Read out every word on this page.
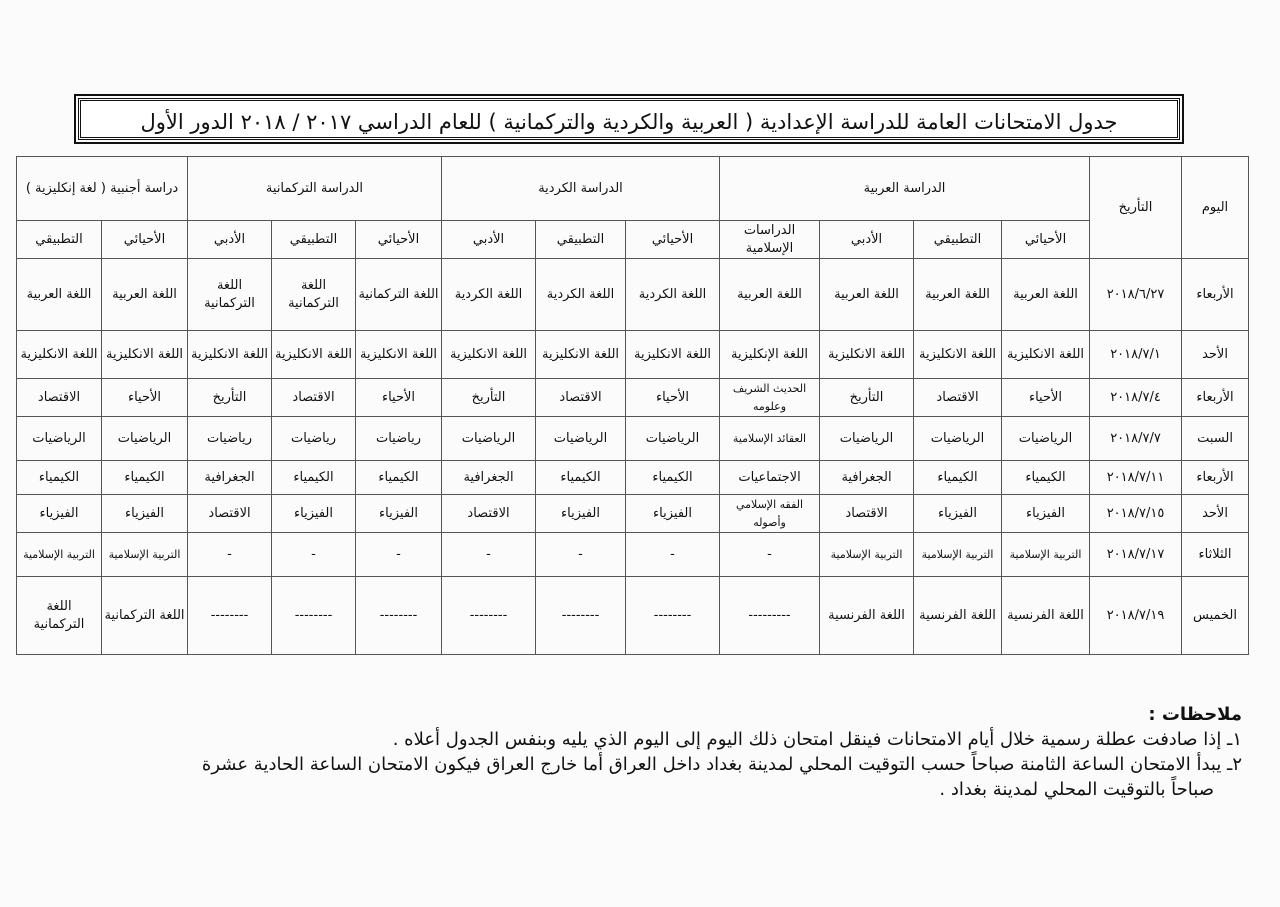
جدول الامتحانات العامة للدراسة الإعدادية ( العربية والكردية والتركمانية ) للعام الدراسي ٢٠١٧ / ٢٠١٨ الدور الأول
اليوم	التأريخ	الدراسة العربية				الدراسة الكردية			الدراسة التركمانية			دراسة أجنبية ( لغة إنكليزية )	
		الأحيائي	التطبيقي	الأدبي	الدراسات الإسلامية	الأحيائي	التطبيقي	الأدبي	الأحيائي	التطبيقي	الأدبي	الأحيائي	التطبيقي
الأربعاء	٢٠١٨/٦/٢٧	اللغة العربية	اللغة العربية	اللغة العربية	اللغة العربية	اللغة الكردية	اللغة الكردية	اللغة الكردية	اللغة التركمانية	اللغة التركمانية	اللغة التركمانية	اللغة العربية	اللغة العربية
الأحد	٢٠١٨/٧/١	اللغة الانكليزية	اللغة الانكليزية	اللغة الانكليزية	اللغة الإنكليزية	اللغة الانكليزية	اللغة الانكليزية	اللغة الانكليزية	اللغة الانكليزية	اللغة الانكليزية	اللغة الانكليزية	اللغة الانكليزية	اللغة الانكليزية
الأربعاء	٢٠١٨/٧/٤	الأحياء	الاقتصاد	التأريخ	الحديث الشريف وعلومه	الأحياء	الاقتصاد	التأريخ	الأحياء	الاقتصاد	التأريخ	الأحياء	الاقتصاد
السبت	٢٠١٨/٧/٧	الرياضيات	الرياضيات	الرياضيات	العقائد الإسلامية	الرياضيات	الرياضيات	الرياضيات	رياضيات	رياضيات	رياضيات	الرياضيات	الرياضيات
الأربعاء	٢٠١٨/٧/١١	الكيمياء	الكيمياء	الجغرافية	الاجتماعيات	الكيمياء	الكيمياء	الجغرافية	الكيمياء	الكيمياء	الجغرافية	الكيمياء	الكيمياء
الأحد	٢٠١٨/٧/١٥	الفيزياء	الفيزياء	الاقتصاد	الفقه الإسلامي وأصوله	الفيزياء	الفيزياء	الاقتصاد	الفيزياء	الفيزياء	الاقتصاد	الفيزياء	الفيزياء
الثلاثاء	٢٠١٨/٧/١٧	التربية الإسلامية	التربية الإسلامية	التربية الإسلامية	-	-	-	-	-	-	-	التربية الإسلامية	التربية الإسلامية
الخميس	٢٠١٨/٧/١٩	اللغة الفرنسية	اللغة الفرنسية	اللغة الفرنسية	---------	--------	--------	--------	--------	--------	--------	اللغة التركمانية	اللغة التركمانية
ملاحظات :
١ـ إذا صادفت عطلة رسمية خلال أيام الامتحانات فينقل امتحان ذلك اليوم إلى اليوم الذي يليه وبنفس الجدول أعلاه .
٢ـ يبدأ الامتحان الساعة الثامنة صباحاً حسب التوقيت المحلي لمدينة بغداد داخل العراق أما خارج العراق فيكون الامتحان الساعة الحادية عشرة
صباحاً بالتوقيت المحلي لمدينة بغداد .
